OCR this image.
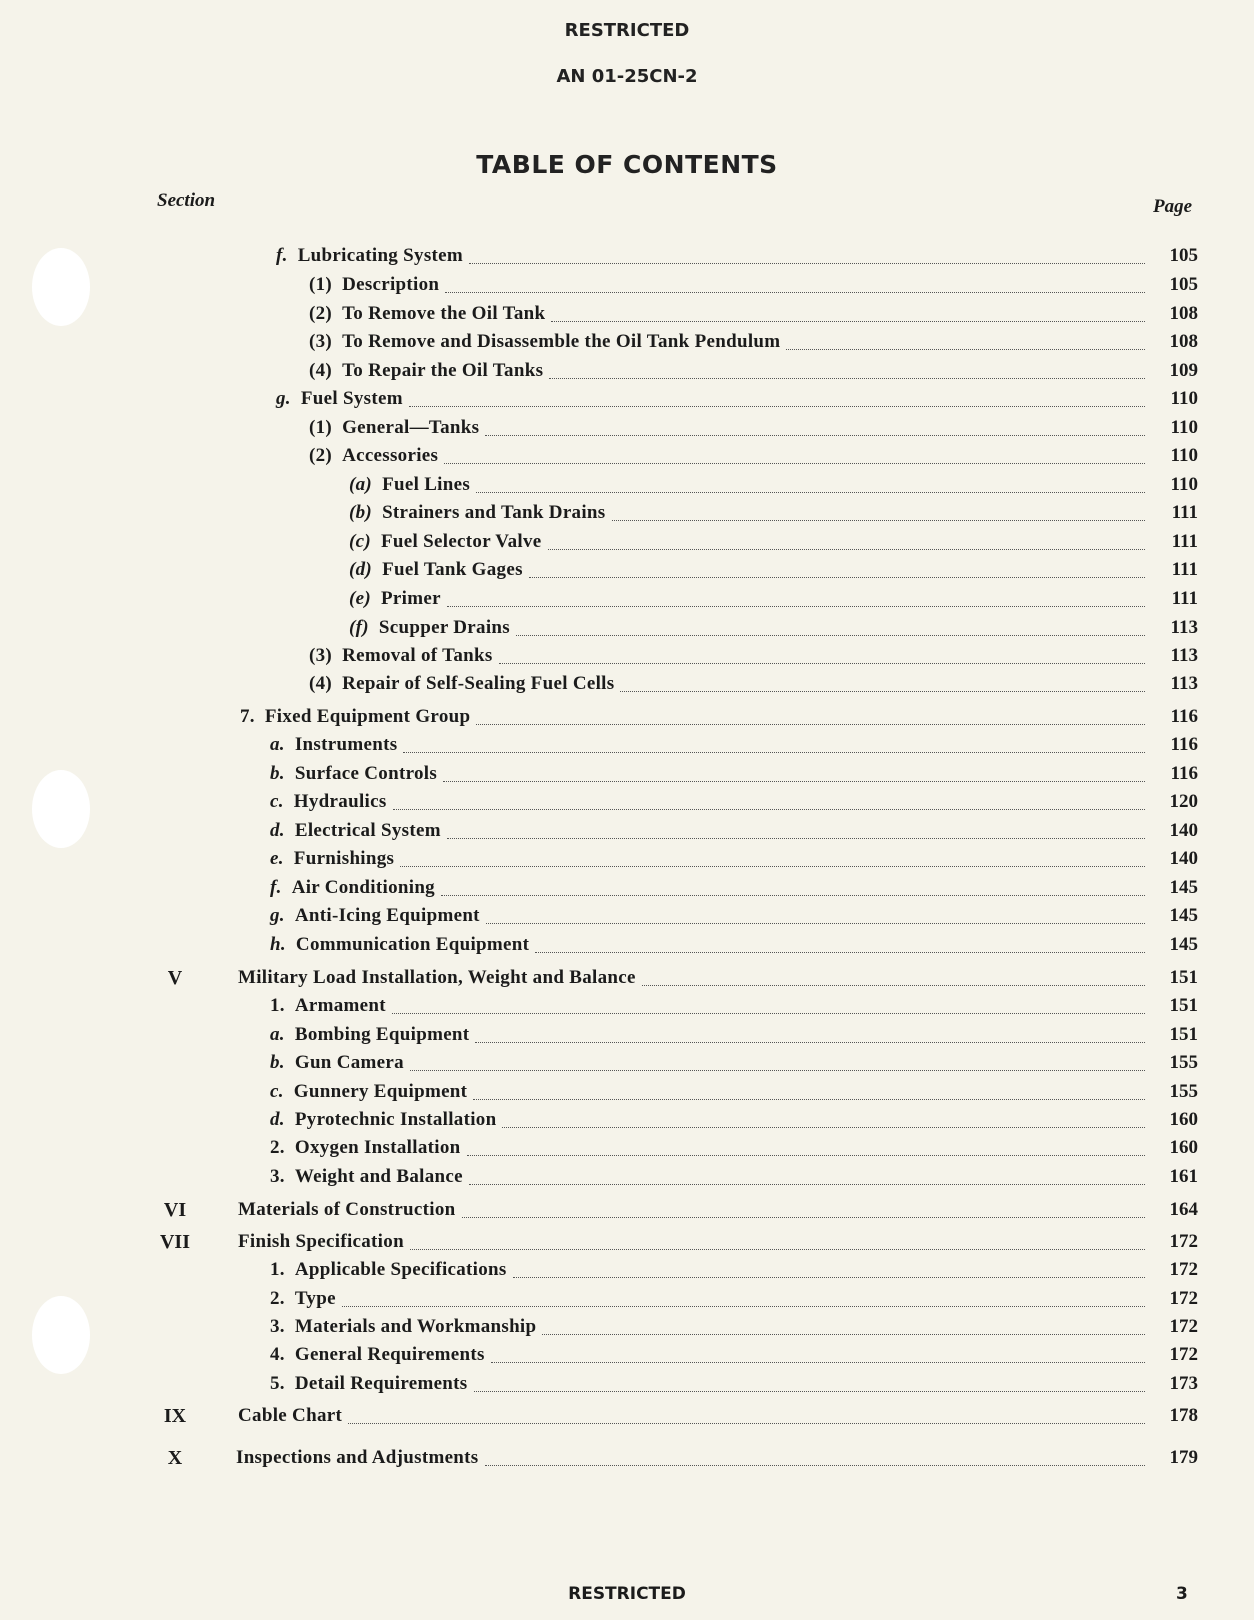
RESTRICTED
AN 01-25CN-2
TABLE OF CONTENTS
Section	Page
f. Lubricating System	105
(1) Description	105
(2) To Remove the Oil Tank	108
(3) To Remove and Disassemble the Oil Tank Pendulum	108
(4) To Repair the Oil Tanks	109
g. Fuel System	110
(1) General—Tanks	110
(2) Accessories	110
(a) Fuel Lines	110
(b) Strainers and Tank Drains	111
(c) Fuel Selector Valve	111
(d) Fuel Tank Gages	111
(e) Primer	111
(f) Scupper Drains	113
(3) Removal of Tanks	113
(4) Repair of Self-Sealing Fuel Cells	113
7. Fixed Equipment Group	116
a. Instruments	116
b. Surface Controls	116
c. Hydraulics	120
d. Electrical System	140
e. Furnishings	140
f. Air Conditioning	145
g. Anti-Icing Equipment	145
h. Communication Equipment	145
V	Military Load Installation, Weight and Balance	151
1. Armament	151
a. Bombing Equipment	151
b. Gun Camera	155
c. Gunnery Equipment	155
d. Pyrotechnic Installation	160
2. Oxygen Installation	160
3. Weight and Balance	161
VI	Materials of Construction	164
VII	Finish Specification	172
1. Applicable Specifications	172
2. Type	172
3. Materials and Workmanship	172
4. General Requirements	172
5. Detail Requirements	173
IX	Cable Chart	178
X	Inspections and Adjustments	179
RESTRICTED	3
